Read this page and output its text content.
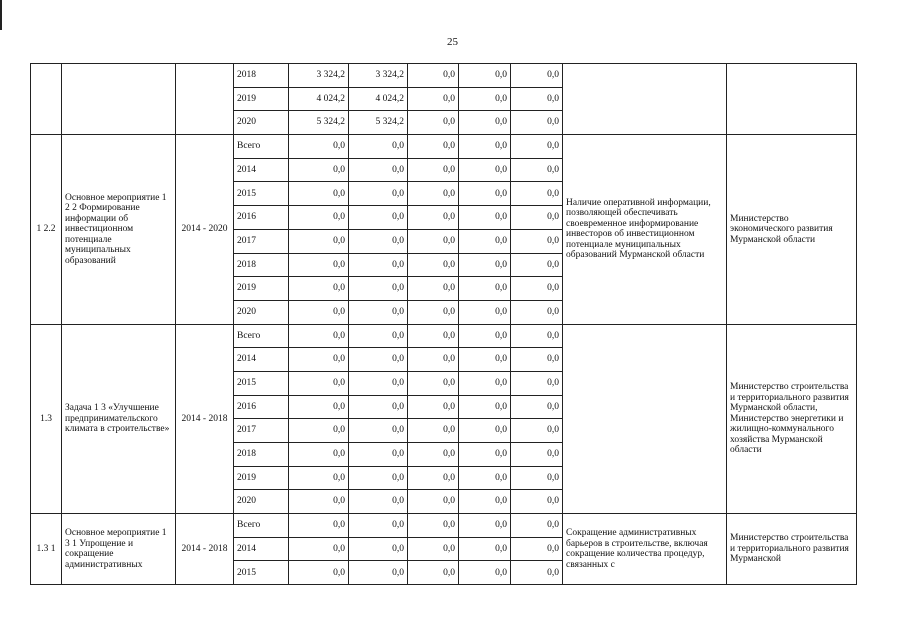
25
			2018	3 324,2	3 324,2	0,0	0,0	0,0		
			2019	4 024,2	4 024,2	0,0	0,0	0,0		
			2020	5 324,2	5 324,2	0,0	0,0	0,0		
1 2.2	Основное мероприятие 1 2 2 Формирование информации об инвестиционном потенциале муниципальных образований	2014 - 2020	Всего	0,0	0,0	0,0	0,0	0,0	Наличие оперативной информации, позволяющей обеспечивать своевременное информирование инвесторов об инвестиционном потенциале муниципальных образований Мурманской области	Министерство экономического развития Мурманской области
			2014	0,0	0,0	0,0	0,0	0,0		
			2015	0,0	0,0	0,0	0,0	0,0		
			2016	0,0	0,0	0,0	0,0	0,0		
			2017	0,0	0,0	0,0	0,0	0,0		
			2018	0,0	0,0	0,0	0,0	0,0		
			2019	0,0	0,0	0,0	0,0	0,0		
			2020	0,0	0,0	0,0	0,0	0,0		
1.3	Задача 1 3 «Улучшение предпринимательского климата в строительстве»	2014 - 2018	Всего	0,0	0,0	0,0	0,0	0,0		Министерство строительства и территориального развития Мурманской области, Министерство энергетики и жилищно-коммунального хозяйства Мурманской области
			2014	0,0	0,0	0,0	0,0	0,0		
			2015	0,0	0,0	0,0	0,0	0,0		
			2016	0,0	0,0	0,0	0,0	0,0		
			2017	0,0	0,0	0,0	0,0	0,0		
			2018	0,0	0,0	0,0	0,0	0,0		
			2019	0,0	0,0	0,0	0,0	0,0		
			2020	0,0	0,0	0,0	0,0	0,0		
1.3 1	Основное мероприятие 1 3 1 Упрощение и сокращение административных	2014 - 2018	Всего	0,0	0,0	0,0	0,0	0,0	Сокращение административных барьеров в строительстве, включая сокращение количества процедур, связанных с	Министерство строительства и территориального развития Мурманской
			2014	0,0	0,0	0,0	0,0	0,0		
			2015	0,0	0,0	0,0	0,0	0,0		
